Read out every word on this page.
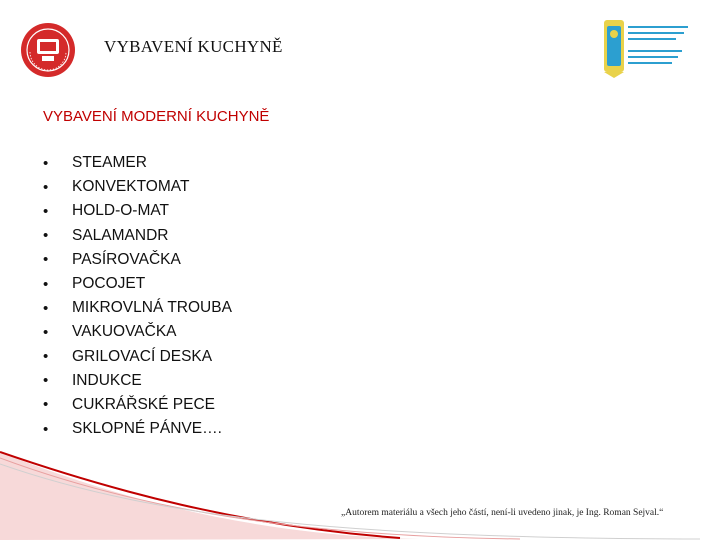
VYBAVENÍ KUCHYNĚ
VYBAVENÍ MODERNÍ KUCHYNĚ
•	STEAMER
•	KONVEKTOMAT
•	HOLD-O-MAT
•	SALAMANDR
•	PASÍROVAČKA
•	POCOJET
•	MIKROVLNÁ TROUBA
•	VAKUOVAČKA
•	GRILOVACÍ DESKA
•	INDUKCE
•	CUKRÁŘSKÉ PECE
•	SKLOPNÉ PÁNVE….
„Autorem materiálu a všech jeho částí, není-li uvedeno jinak, je Ing. Roman Sejval.“
